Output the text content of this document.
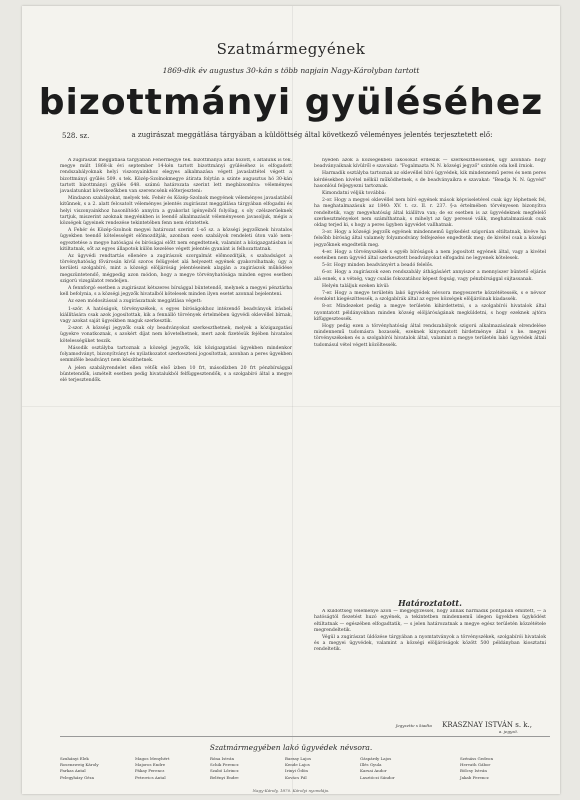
Szatmármegyének
1869-dik év augustus 30-kán s több napjain Nagy-Károlyban tartott
bizottmányi gyüléséhez
528. sz.	a zugirászat meggátlása tárgyában a küldöttség által következő véleményes jelentés terjesztetett elő:

A zugirászat meggátlása tárgyában Fehérmegye tek. bizottmánya által hozott, s általunk is tek. megye múlt 1868-ik évi september 14-kén tartott bizottmányi gyüléséhez is elfogadott rendszabályoknak helyi viszonyainkhoz elegyes alkalmazása végett javaslattétel végett a bizottmányi gyűlés 509. s tek. Közép-Szolnokmegye átirata folytán a szinte augusztus hó 30-kán tartott bizottmányi gyülés 648. számú határozata szerint lett meghízsomlva: véleményes javaslatunkat következőkben van szerencsénk előterjeszteni:

Mindazon szabályokat, melyek tek. Fehér és Közép-Szolnok megyének véleményes javaslatából kitűnnek, s a 2. alatt felcsatolt véleményes jelentés zugirászat meggátlása tárgyában elfogadni és helyi viszonyainkhoz hasonlítódó annyira a gyakorlat igényeiből folyólag, s oly czélszerűeknek tartjuk, miszerint azoknak megyénkben is leendő alkalmazását véleményesen javasoljuk, mégis a községek ügyeinek rendezése tekintetében fenn nem érintettek.

A Fehér és Közép-Szolnok megyei határozat szerint 1-ső sz. a községi jegyzőknek hivatalos ügyekben teendő kötelességét előmozdítják, azonban ezen szabályok rendeleti úton való nem-egyeztetése a megye hatóságai és bíróságai előtt nem engedtetnek, valamint a közigazgatásban is kitiltatnak, sőt az egyes állapotok külön kezelése végett jelentés gyanánt is felhozattatnak.

Az ügyvédi rendtartás ellenére a zugirászok szorgalmát előmozdítják, s szabadságot a törvényhatóság fővárosán kívül szoros felügyelet alá helyezett egyének gyakorolhatnak; úgy a kerületi szolgabíró, mint a községi elöljáróság jelentéseinek alapján a zugirászok működése megszüntetendő, mégpedig azon módon, hogy a megye törvényhatósága minden egyes esetben szigorú vizsgálatot rendeljen.

A fennforgó esetben a zugirászat kétszeres bírsággal büntetendő, melynek a megyei pénztárba kell befolynia, s a községi jegyzők hivatalból kötelesek minden ilyen esetet azonnal bejelenteni.

Az ezen módosítással a zugirászatnak meggátlása végett:

1-ször. A hatóságok, törvényszékek, s egyes bíróságokhoz intézendő beadványok írásbeli kiállítására csak azok jogosítottak, kik a fennálló törvények értelmében ügyvédi oklevéllel bírnak, vagy azokat saját ügyeikben maguk szerkesztik.

2-szor. A községi jegyzők csak oly beadványokat szerkeszthetnek, melyek a közigazgatási ügyekre vonatkoznak, s azokért díjat nem követelhetnek, mert azok fizetésük fejében hivatalos kötelességüket teszik.

Második osztályba tartoznak a községi jegyzők, kik közigazgatási ügyekben mindenkor folyamodványt, bizonyítványt és nyilatkozatot szerkeszteni jogosítottak, azonban a peres ügyekben semmiféle beadványt nem készíthetnek.

A jelen szabályrendelet ellen vétők első ízben 10 frt, másodízben 20 frt pénzbírsággal büntetendők, ismételt esetben pedig hivatalukból felfüggesztendők, s a szolgabíró által a megye elé terjesztendők.

nyeden azok a községekbeli lakosokat érdeklik — szerkeszthessenek, úgy azonban: hogy beadványaiknak kívülről e szavakat: "Fogalmazta N. N. községi jegyző" szintén oda kell írniok.

Harmadik osztályba tartoznak az oklevéllel bíró ügyvédek, kik mindennemű peres és nem peres kérdésekben kivétel nélkül működhetnek, s de beadványaikra e szavakat: "Beadja N. N. ügyvéd" hasonlóul feljegyezni tartoznak.

Kimondatni véljük továbbá:

2-or. Hogy a megyei oklevéllel nem bíró egyének mások képviseletével csak úgy léphetnek fel, ha meghatalmazásuk az 1840: XV. t. cz. II. r. 237. §-a értelmében törvényesen bizonyítva rendeltetik, vagy megyehatóság által kiállítva van; de ez esetben is az ügyvédeknek megfelelő szerkesztményeket nem számíthatnak, s mihelyt az ügy peressé válik, meghatalmazásuk csak oldag terjed ki, s hogy a peres ügyben ügyvédet vallhatnak.

3-or. Hogy a községi jegyzők egyének mindennemű ügykedést szigorúan eltiltatnak, kivéve ha felsőbb bíróság által valamely folyamodvány felfejezése engedtetik meg; de kivétel csak a községi jegyzőknek engedtetik meg.

4-er. Hogy a törvényszékek s egyéb bíróságok a nem jogosított egyének által, vagy a kivétel eseteiben nem ügyvéd által szerkesztett beadványokat elfogadni ne legyenek kötelesek.

5-ör. Hogy minden beadványért a beadó felelős.

6-or. Hogy a zugirászok ezen rendszabály áthágásáért annyiszor a mennyiszer büntető eljárás alá esnek, s a vétség, vagy csalás fokozatához képest fogság, vagy pénzbírsággal sújtassanak.

Helyén találjuk ezeken kívül:

7-er. Hogy a megye területén lakó ügyvédek névsora megyeszerte közzététessék, s e névsor évenként kiegészíttessék, a szolgabírák által az egyes községek elöljáróinak kiadassék.

8-or. Mindezeket pedig a megye területén kihirdettetni, s a szolgabírói hivatalok által nyomtatott példányokban minden község elöljáróságának megküldetni, s hogy ezeknek ajtóra kifüggesztessék.

Hogy pedig ezen a törvényhatóság által rendszabályok szigorú alkalmazásának elrendelése mindennemű tudomásra hozassék, ezeknek kinyomatott hirdetménye által s ke. megyei törvényszékeken és a szolgabírói hivatalok által, valamint a megye területén lakó ügyvédek általi tudomásul vétel végett közöltessék.

Határoztatott.

A küldöttség véleménye azon — megjegyzéssel, hogy annak harmadik pontjában említett, — a hatóságtól fiezetést huzó egyének, a tekintetben mindennemű idegen ügyekben ügyködést eltiltatnak — egészében elfogadtatik, — s jelen határozatnak a megye egész területén közzététele megrendeltetik.

Végül a zugirászat üldözése tárgyában a nyomtatványok a törvényszékek, szolgabírói hivatalok és a megyei ügyvédek, valamint a községi elöljáróságok között 500 példányban kiosztatni rendeltetik.

Jegyzette s kiadta KRASZNAY ISTVÁN s. k.,
a. jegyző.
Szatmármegyében lakó ügyvédek névsora.
Szuhányi Elek
Rosenzweig Károly
Farkas Antal
Felegyházy Géza
Magos Menyhért
Majoros Endre
Pákay Ferencz
Petrovics Antal
Róna István
Schik Ferencz
Szabó Lőrincz
Belényi Endre
Barzay Lajos
Kende Lajos
Irinyi Ödön
Kovács Pál
Gáspárdy Lajos
Illés Gyula
Karsai Andor
Lasztóczi Sándor
Szénáss Gedeon
Hervath Gábor
Bölcsy István
Jakab Ferencz
Nagy-Károly, 1870. Károlyi nyomdája.
